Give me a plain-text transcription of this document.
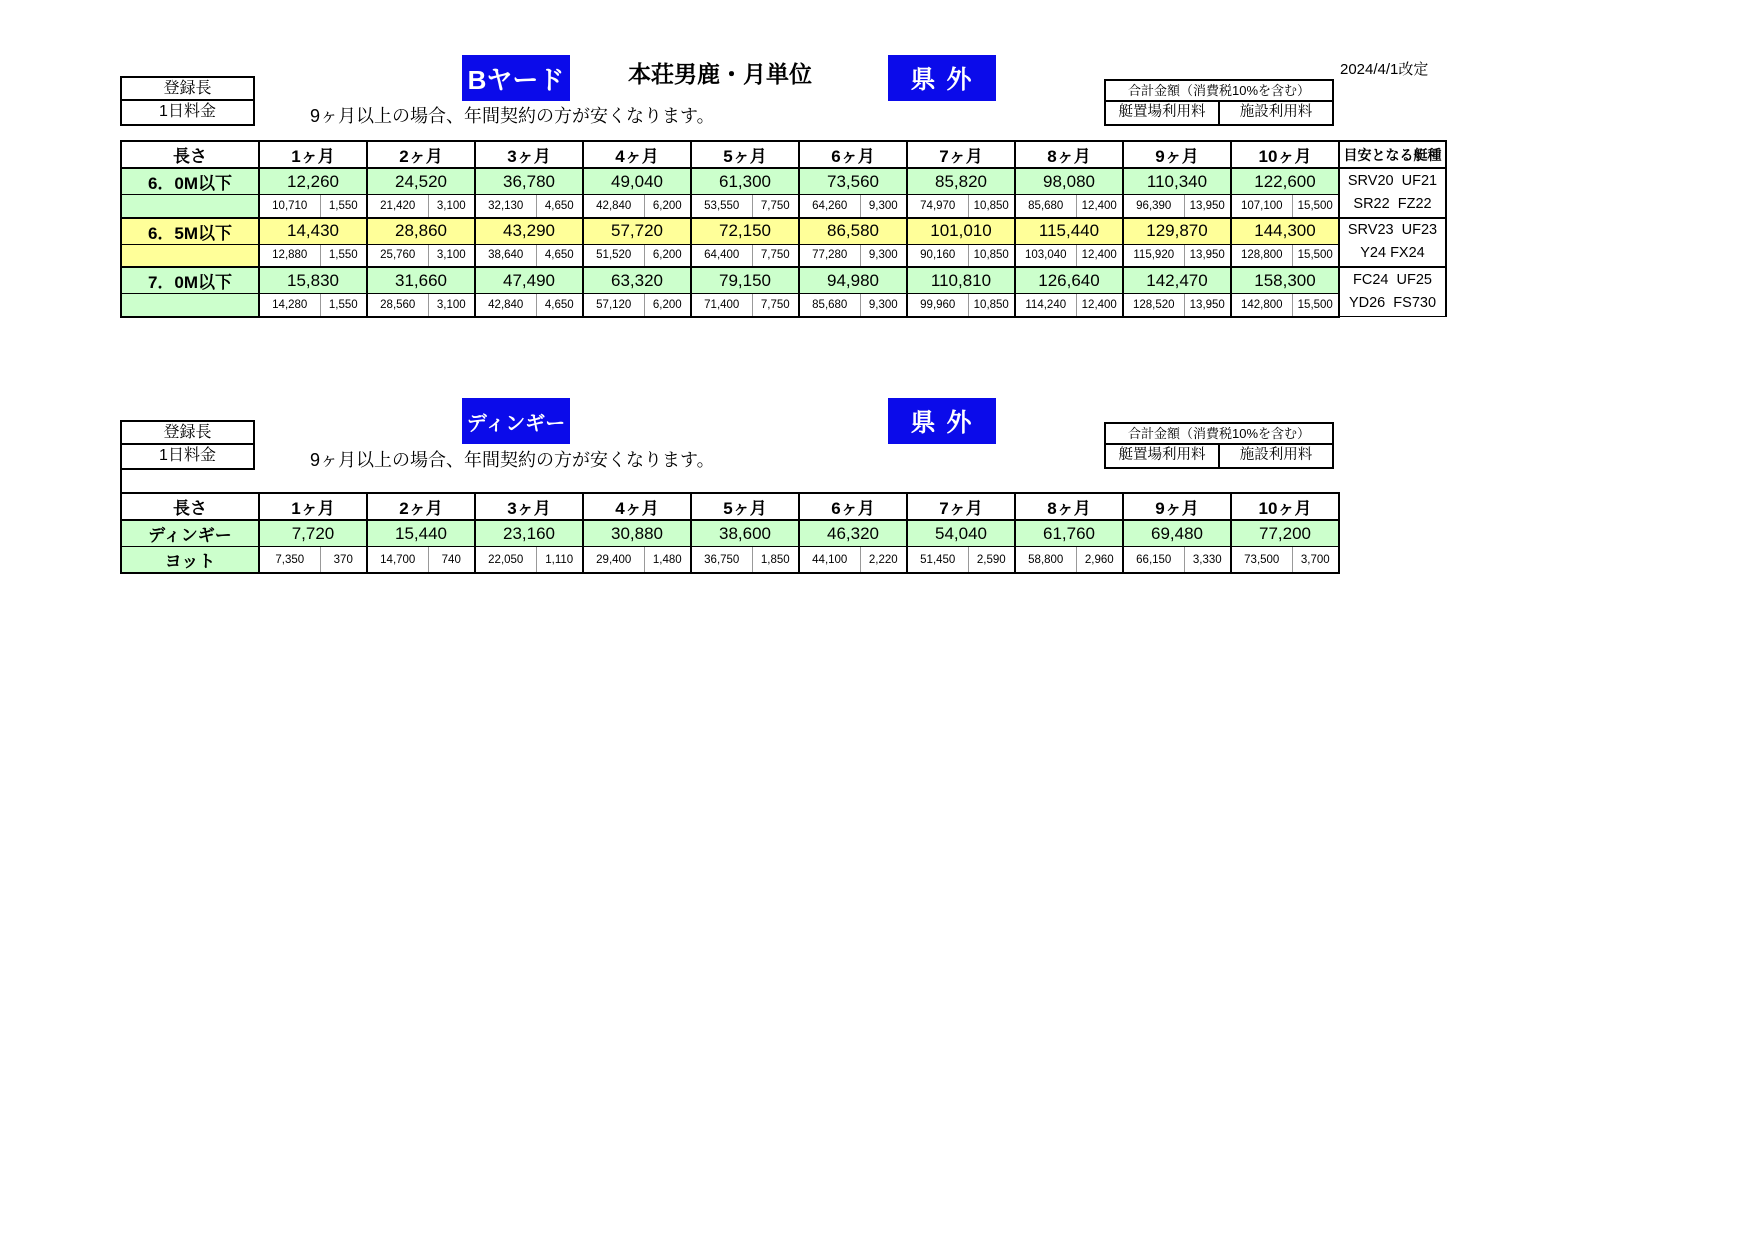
登録長
1日料金
Bヤード	本荘男鹿・月単位	県 外	2024/4/1改定
合計金額（消費税10%を含む）
艇置場利用料	施設利用料
9ヶ月以上の場合、年間契約の方が安くなります。
長さ	1ヶ月		2ヶ月		3ヶ月		4ヶ月		5ヶ月		6ヶ月		7ヶ月		8ヶ月		9ヶ月		10ヶ月		目安となる艇種
6．0M以下	12,260		24,520		36,780		49,040		61,300		73,560		85,820		98,080		110,340		122,600		SRV20  UF21
SR22  FZ22

	10,710	1,550	21,420	3,100	32,130	4,650	42,840	6,200	53,550	7,750	64,260	9,300	74,970	10,850	85,680	12,400	96,390	13,950	107,100	15,500	
6．5M以下	14,430		28,860		43,290		57,720		72,150		86,580		101,010		115,440		129,870		144,300		SRV23  UF23
Y24 FX24

	12,880	1,550	25,760	3,100	38,640	4,650	51,520	6,200	64,400	7,750	77,280	9,300	90,160	10,850	103,040	12,400	115,920	13,950	128,800	15,500	
7．0M以下	15,830		31,660		47,490		63,320		79,150		94,980		110,810		126,640		142,470		158,300		FC24  UF25
YD26  FS730

	14,280	1,550	28,560	3,100	42,840	4,650	57,120	6,200	71,400	7,750	85,680	9,300	99,960	10,850	114,240	12,400	128,520	13,950	142,800	15,500	
登録長
1日料金
ディンギー	県 外	合計金額（消費税10%を含む）
艇置場利用料	施設利用料
9ヶ月以上の場合、年間契約の方が安くなります。
長さ	1ヶ月		2ヶ月		3ヶ月		4ヶ月		5ヶ月		6ヶ月		7ヶ月		8ヶ月		9ヶ月		10ヶ月	
ディンギー	7,720		15,440		23,160		30,880		38,600		46,320		54,040		61,760		69,480		77,200	
ヨット	7,350	370	14,700	740	22,050	1,110	29,400	1,480	36,750	1,850	44,100	2,220	51,450	2,590	58,800	2,960	66,150	3,330	73,500	3,700
